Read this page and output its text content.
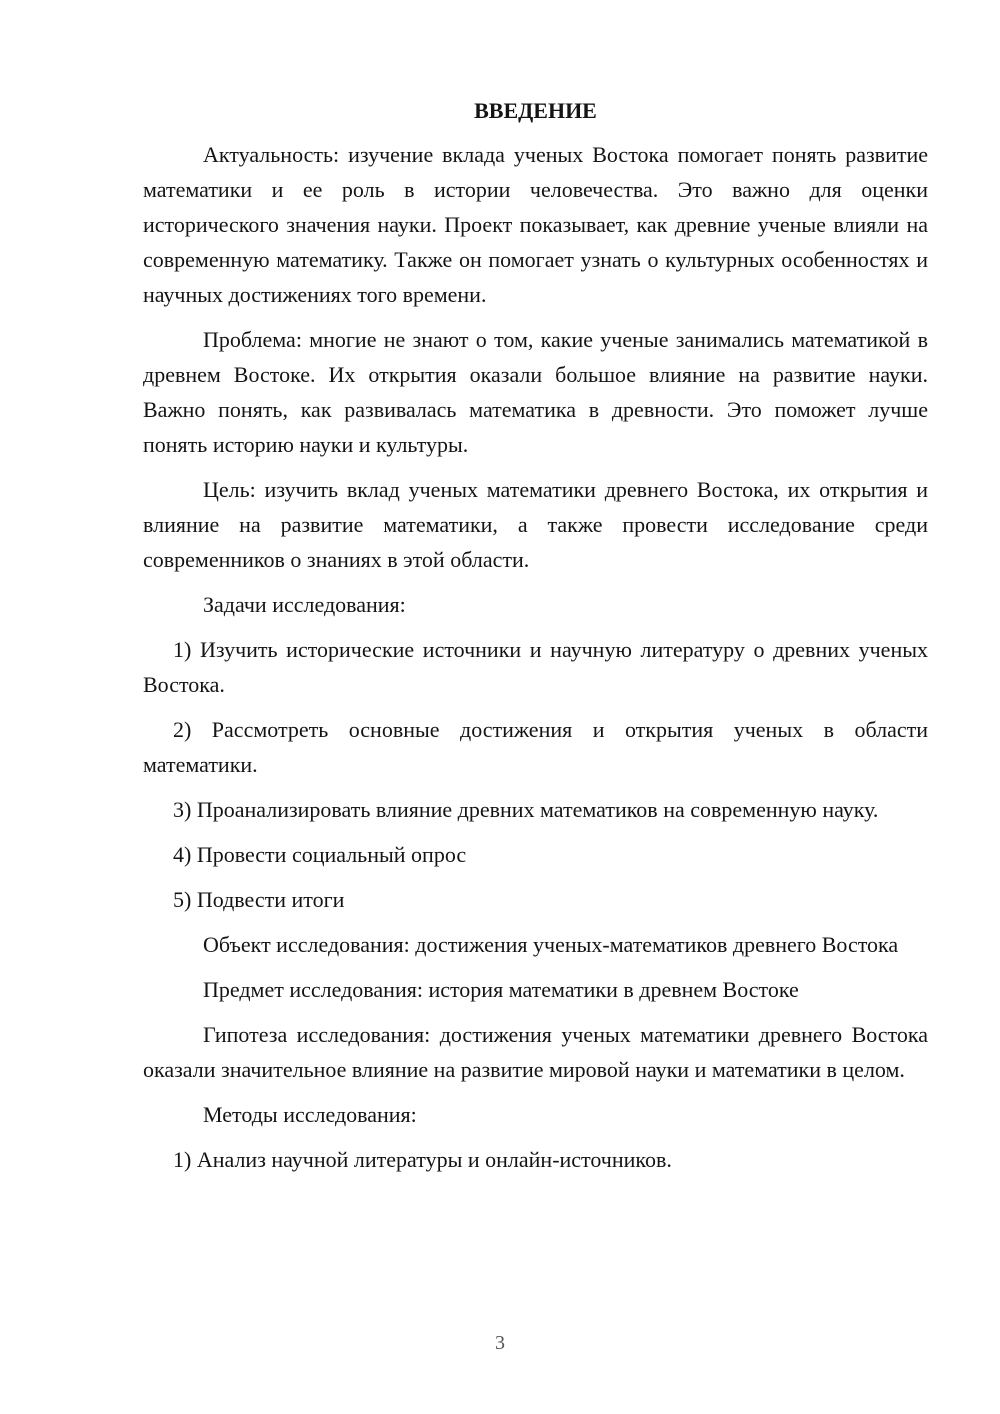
ВВЕДЕНИЕ

Актуальность: изучение вклада ученых Востока помогает понять развитие математики и ее роль в истории человечества. Это важно для оценки исторического значения науки. Проект показывает, как древние ученые влияли на современную математику. Также он помогает узнать о культурных особенностях и научных достижениях того времени.

Проблема: многие не знают о том, какие ученые занимались математикой в древнем Востоке. Их открытия оказали большое влияние на развитие науки. Важно понять, как развивалась математика в древности. Это поможет лучше понять историю науки и культуры.

Цель: изучить вклад ученых математики древнего Востока, их открытия и влияние на развитие математики, а также провести исследование среди современников о знаниях в этой области.

Задачи исследования:

1) Изучить исторические источники и научную литературу о древних ученых Востока.

2) Рассмотреть основные достижения и открытия ученых в области математики.

3) Проанализировать влияние древних математиков на современную науку.

4) Провести социальный опрос

5) Подвести итоги

Объект исследования: достижения ученых-математиков древнего Востока

Предмет исследования: история математики в древнем Востоке

Гипотеза исследования: достижения ученых математики древнего Востока оказали значительное влияние на развитие мировой науки и математики в целом.

Методы исследования:

1) Анализ научной литературы и онлайн-источников.

3
